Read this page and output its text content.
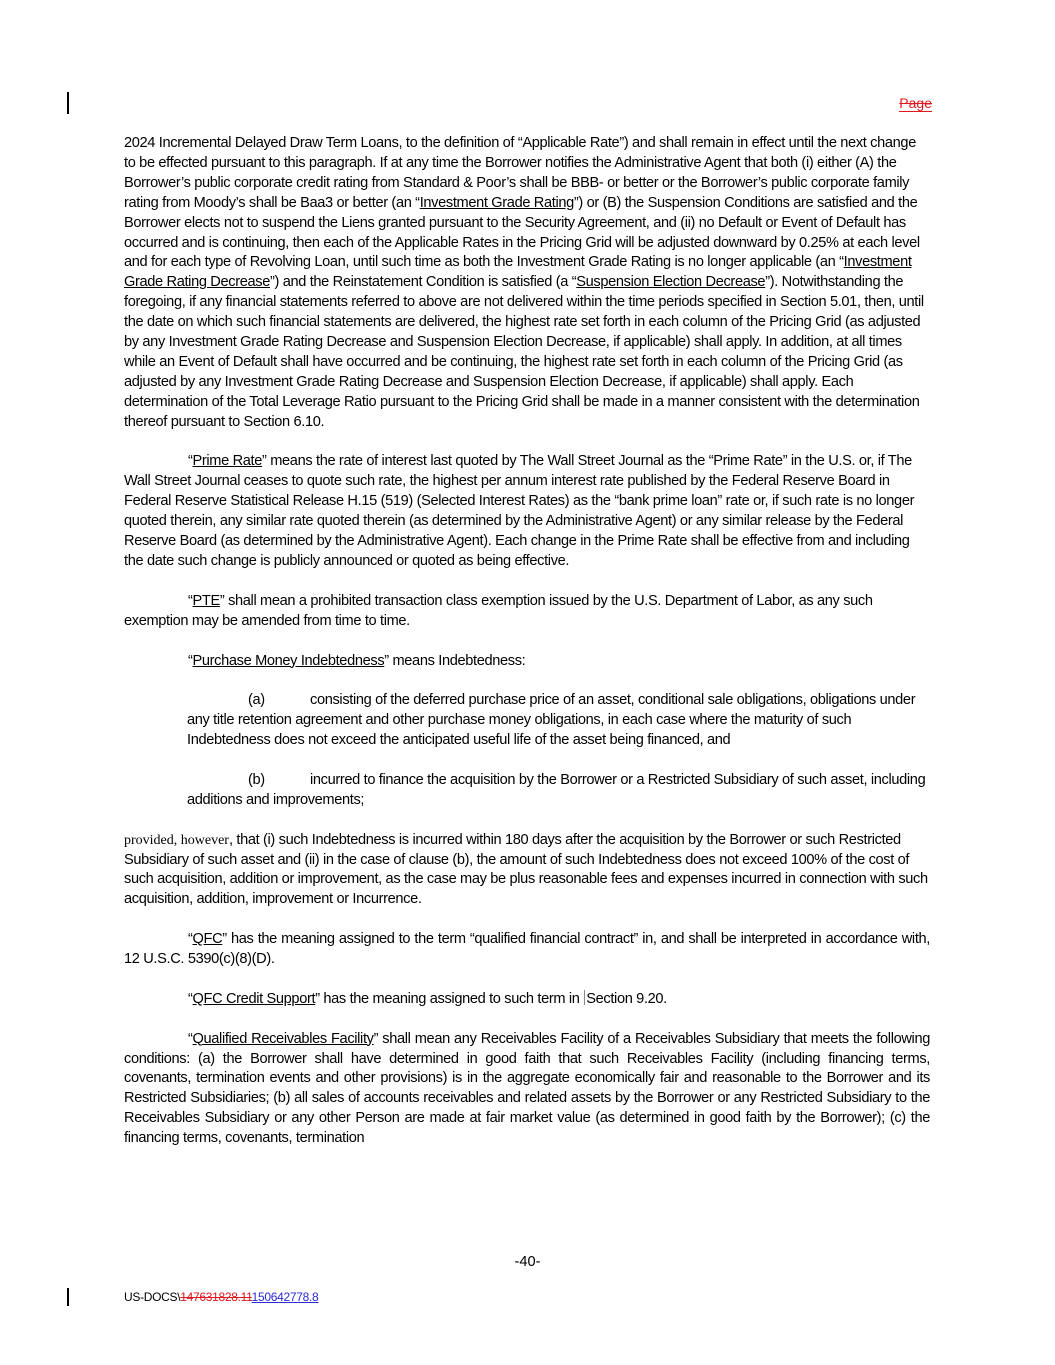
Page

2024 Incremental Delayed Draw Term Loans, to the definition of “Applicable Rate”) and shall remain in effect until the next change to be effected pursuant to this paragraph. If at any time the Borrower notifies the Administrative Agent that both (i) either (A) the Borrower’s public corporate credit rating from Standard & Poor’s shall be BBB- or better or the Borrower’s public corporate family rating from Moody’s shall be Baa3 or better (an “Investment Grade Rating”) or (B) the Suspension Conditions are satisfied and the Borrower elects not to suspend the Liens granted pursuant to the Security Agreement, and (ii) no Default or Event of Default has occurred and is continuing, then each of the Applicable Rates in the Pricing Grid will be adjusted downward by 0.25% at each level and for each type of Revolving Loan, until such time as both the Investment Grade Rating is no longer applicable (an “Investment Grade Rating Decrease”) and the Reinstatement Condition is satisfied (a “Suspension Election Decrease”). Notwithstanding the foregoing, if any financial statements referred to above are not delivered within the time periods specified in Section 5.01, then, until the date on which such financial statements are delivered, the highest rate set forth in each column of the Pricing Grid (as adjusted by any Investment Grade Rating Decrease and Suspension Election Decrease, if applicable) shall apply. In addition, at all times while an Event of Default shall have occurred and be continuing, the highest rate set forth in each column of the Pricing Grid (as adjusted by any Investment Grade Rating Decrease and Suspension Election Decrease, if applicable) shall apply. Each determination of the Total Leverage Ratio pursuant to the Pricing Grid shall be made in a manner consistent with the determination thereof pursuant to Section 6.10.

“Prime Rate” means the rate of interest last quoted by The Wall Street Journal as the “Prime Rate” in the U.S. or, if The Wall Street Journal ceases to quote such rate, the highest per annum interest rate published by the Federal Reserve Board in Federal Reserve Statistical Release H.15 (519) (Selected Interest Rates) as the “bank prime loan” rate or, if such rate is no longer quoted therein, any similar rate quoted therein (as determined by the Administrative Agent) or any similar release by the Federal Reserve Board (as determined by the Administrative Agent). Each change in the Prime Rate shall be effective from and including the date such change is publicly announced or quoted as being effective.

“PTE” shall mean a prohibited transaction class exemption issued by the U.S. Department of Labor, as any such exemption may be amended from time to time.

“Purchase Money Indebtedness” means Indebtedness:

(a)	consisting of the deferred purchase price of an asset, conditional sale obligations, obligations under any title retention agreement and other purchase money obligations, in each case where the maturity of such Indebtedness does not exceed the anticipated useful life of the asset being financed, and

(b)	incurred to finance the acquisition by the Borrower or a Restricted Subsidiary of such asset, including additions and improvements;

provided, however, that (i) such Indebtedness is incurred within 180 days after the acquisition by the Borrower or such Restricted Subsidiary of such asset and (ii) in the case of clause (b), the amount of such Indebtedness does not exceed 100% of the cost of such acquisition, addition or improvement, as the case may be plus reasonable fees and expenses incurred in connection with such acquisition, addition, improvement or Incurrence.

“QFC” has the meaning assigned to the term “qualified financial contract” in, and shall be interpreted in accordance with, 12 U.S.C. 5390(c)(8)(D).

“QFC Credit Support” has the meaning assigned to such term in Section 9.20.

“Qualified Receivables Facility” shall mean any Receivables Facility of a Receivables Subsidiary that meets the following conditions: (a) the Borrower shall have determined in good faith that such Receivables Facility (including financing terms, covenants, termination events and other provisions) is in the aggregate economically fair and reasonable to the Borrower and its Restricted Subsidiaries; (b) all sales of accounts receivables and related assets by the Borrower or any Restricted Subsidiary to the Receivables Subsidiary or any other Person are made at fair market value (as determined in good faith by the Borrower); (c) the financing terms, covenants, termination

-40-
US-DOCS\147631828.11150642778.8
